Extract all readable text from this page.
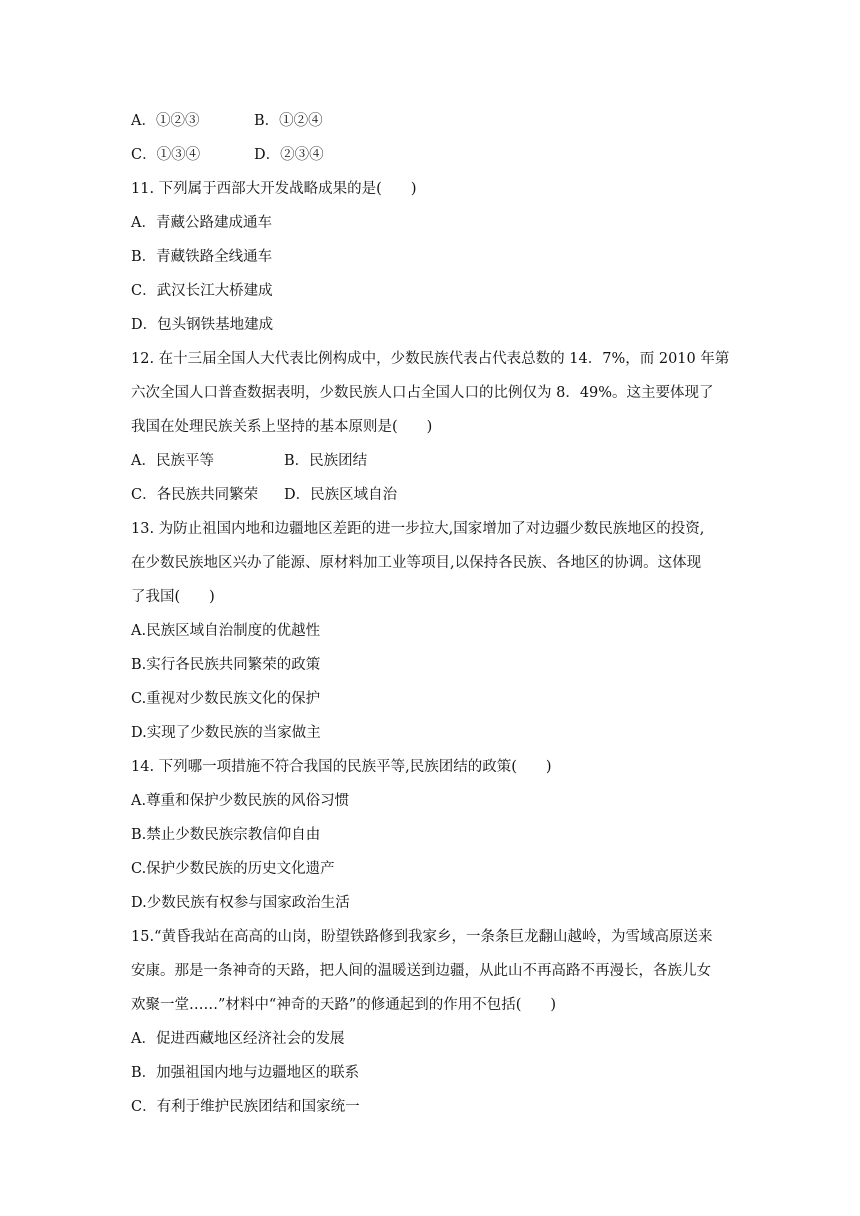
A．①②③	B．①②④
C．①③④	D．②③④
11. 下列属于西部大开发战略成果的是(　　)
A．青藏公路建成通车
B．青藏铁路全线通车
C．武汉长江大桥建成
D．包头钢铁基地建成
12. 在十三届全国人大代表比例构成中，少数民族代表占代表总数的 14．7%，而 2010 年第
六次全国人口普查数据表明，少数民族人口占全国人口的比例仅为 8．49%。这主要体现了
我国在处理民族关系上坚持的基本原则是(　　)
A．民族平等	B．民族团结
C．各民族共同繁荣 D．民族区域自治
13. 为防止祖国内地和边疆地区差距的进一步拉大,国家增加了对边疆少数民族地区的投资,
在少数民族地区兴办了能源、原材料加工业等项目,以保持各民族、各地区的协调。这体现
了我国(　　)
A.民族区域自治制度的优越性
B.实行各民族共同繁荣的政策
C.重视对少数民族文化的保护
D.实现了少数民族的当家做主
14. 下列哪一项措施不符合我国的民族平等,民族团结的政策(　　)
A.尊重和保护少数民族的风俗习惯
B.禁止少数民族宗教信仰自由
C.保护少数民族的历史文化遗产
D.少数民族有权参与国家政治生活
15.“黄昏我站在高高的山岗，盼望铁路修到我家乡，一条条巨龙翻山越岭，为雪域高原送来
安康。那是一条神奇的天路，把人间的温暖送到边疆，从此山不再高路不再漫长，各族儿女
欢聚一堂……”材料中“神奇的天路”的修通起到的作用不包括(　　)
A．促进西藏地区经济社会的发展
B．加强祖国内地与边疆地区的联系
C．有利于维护民族团结和国家统一
